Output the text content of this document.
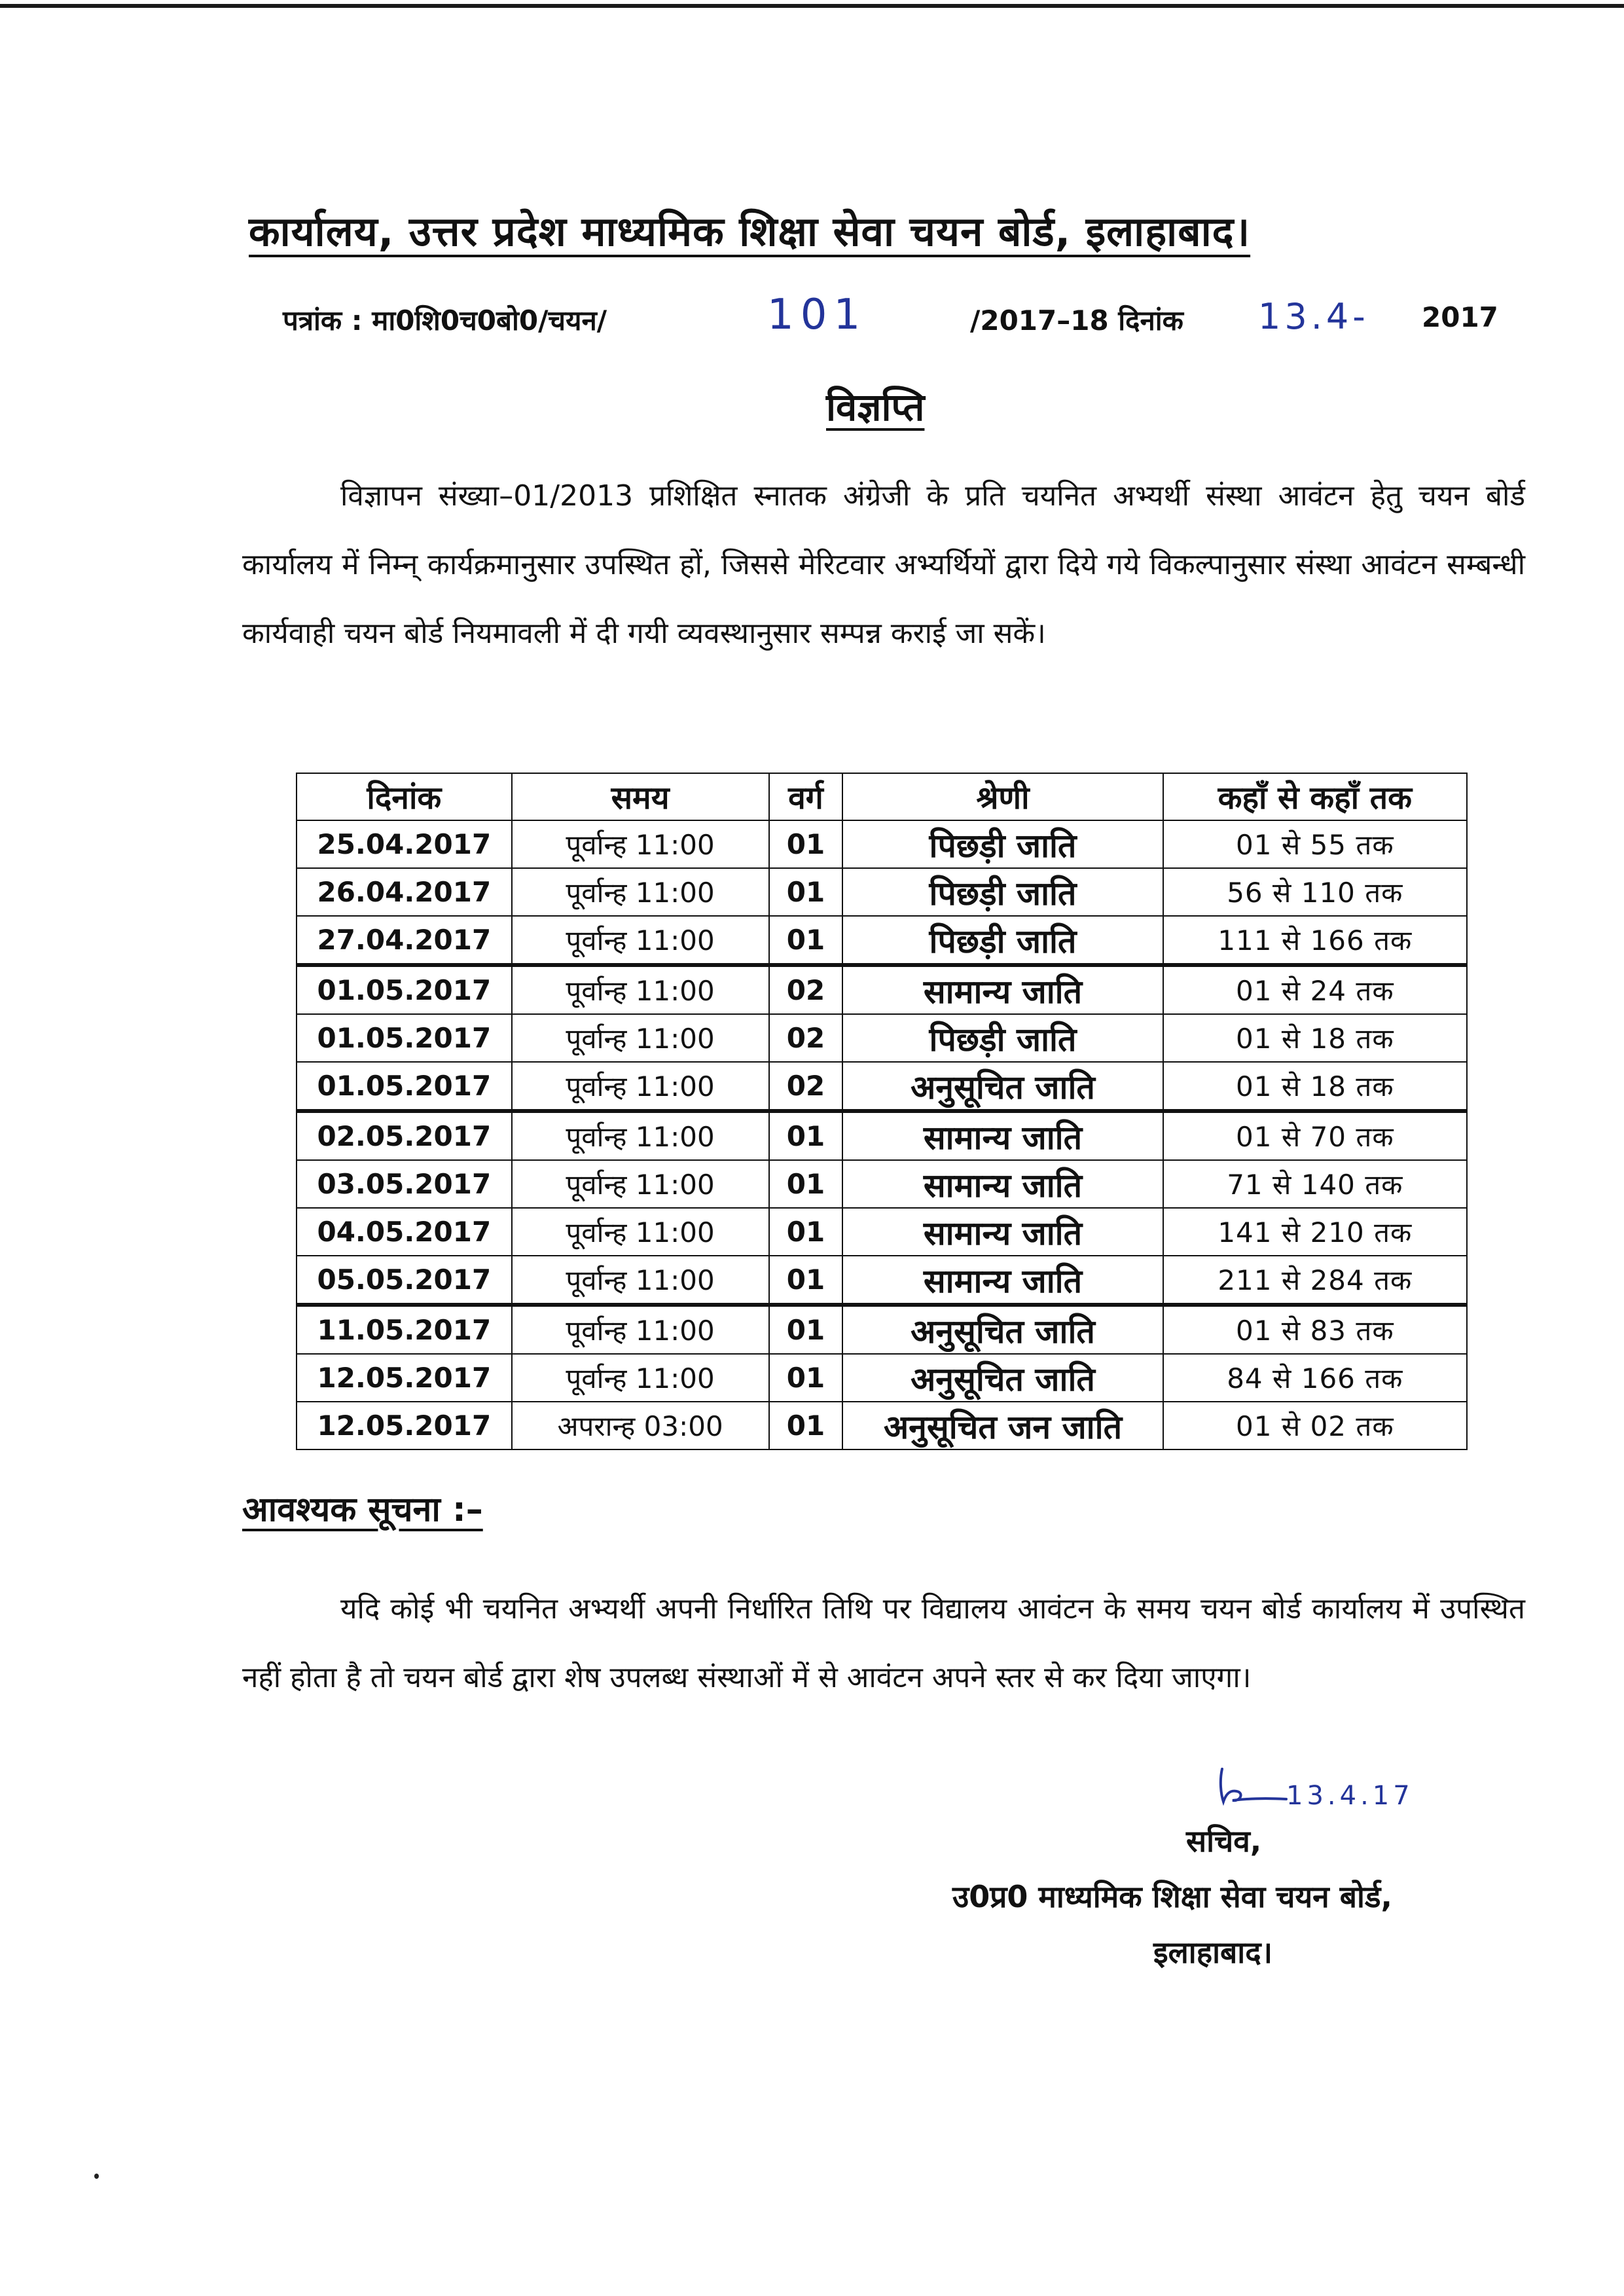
कार्यालय, उत्तर प्रदेश माध्यमिक शिक्षा सेवा चयन बोर्ड, इलाहाबाद।
पत्रांक : मा0शि0च0बो0/चयन/	101	/2017–18 दिनांक 13.4- 2017
विज्ञप्ति

विज्ञापन संख्या–01/2013 प्रशिक्षित स्नातक अंग्रेजी के प्रति चयनित अभ्यर्थी संस्था आवंटन हेतु चयन बोर्ड कार्यालय में निम्न् कार्यक्रमानुसार उपस्थित हों, जिससे मेरिटवार अभ्यर्थियों द्वारा दिये गये विकल्पानुसार संस्था आवंटन सम्बन्धी कार्यवाही चयन बोर्ड नियमावली में दी गयी व्यवस्थानुसार सम्पन्न कराई जा सकें।

दिनांक	समय	वर्ग	श्रेणी	कहाँ से कहाँ तक
25.04.2017	पूर्वान्ह 11:00	01	पिछड़ी जाति	01 से 55 तक
26.04.2017	पूर्वान्ह 11:00	01	पिछड़ी जाति	56 से 110 तक
27.04.2017	पूर्वान्ह 11:00	01	पिछड़ी जाति	111 से 166 तक
01.05.2017	पूर्वान्ह 11:00	02	सामान्य जाति	01 से 24 तक
01.05.2017	पूर्वान्ह 11:00	02	पिछड़ी जाति	01 से 18 तक
01.05.2017	पूर्वान्ह 11:00	02	अनुसूचित जाति	01 से 18 तक
02.05.2017	पूर्वान्ह 11:00	01	सामान्य जाति	01 से 70 तक
03.05.2017	पूर्वान्ह 11:00	01	सामान्य जाति	71 से 140 तक
04.05.2017	पूर्वान्ह 11:00	01	सामान्य जाति	141 से 210 तक
05.05.2017	पूर्वान्ह 11:00	01	सामान्य जाति	211 से 284 तक
11.05.2017	पूर्वान्ह 11:00	01	अनुसूचित जाति	01 से 83 तक
12.05.2017	पूर्वान्ह 11:00	01	अनुसूचित जाति	84 से 166 तक
12.05.2017	अपरान्ह 03:00	01	अनुसूचित जन जाति	01 से 02 तक
आवश्यक सूचना :–

यदि कोई भी चयनित अभ्यर्थी अपनी निर्धारित तिथि पर विद्यालय आवंटन के समय चयन बोर्ड कार्यालय में उपस्थित नहीं होता है तो चयन बोर्ड द्वारा शेष उपलब्ध संस्थाओं में से आवंटन अपने स्तर से कर दिया जाएगा।

13.4.17
सचिव,
उ0प्र0 माध्यमिक शिक्षा सेवा चयन बोर्ड,
इलाहाबाद।
